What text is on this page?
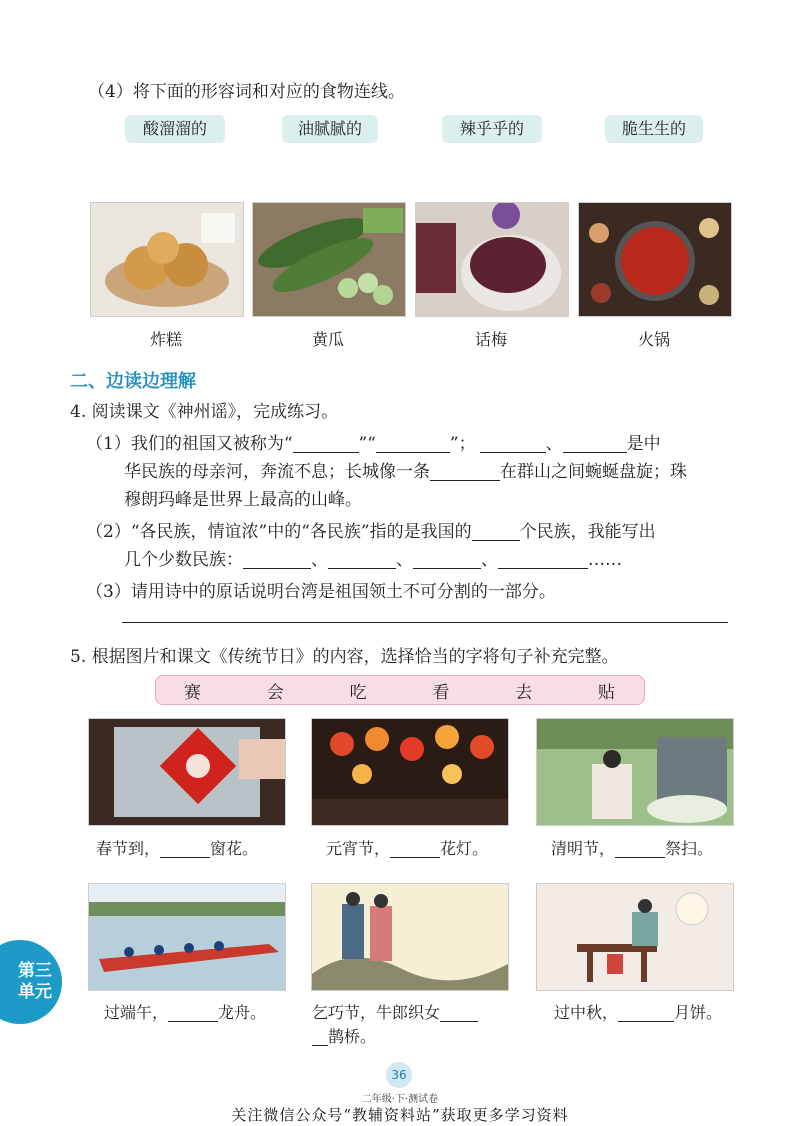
（4）将下面的形容词和对应的食物连线。
酸溜溜的	油腻腻的	辣乎乎的	脆生生的
炸糕	黄瓜	话梅	火锅
二、边读边理解
4. 阅读课文《神州谣》，完成练习。
（1）我们的祖国又被称为“	”“	”；	、	是中
华民族的母亲河，奔流不息；长城像一条	在群山之间蜿蜒盘旋；珠
穆朗玛峰是世界上最高的山峰。
（2）“各民族，情谊浓”中的“各民族”指的是我国的	个民族，我能写出
几个少数民族：	、	、	、	……
（3）请用诗中的原话说明台湾是祖国领土不可分割的一部分。
5. 根据图片和课文《传统节日》的内容，选择恰当的字将句子补充完整。
赛	会	吃	看	去	贴
春节到，	窗花。	元宵节，	花灯。	清明节，	祭扫。
过端午，	龙舟。	乞巧节，牛郎织女
鹊桥。
过中秋，	月饼。
第三
单元
36
二年级·下·测试卷
关注微信公众号“教辅资料站”获取更多学习资料
